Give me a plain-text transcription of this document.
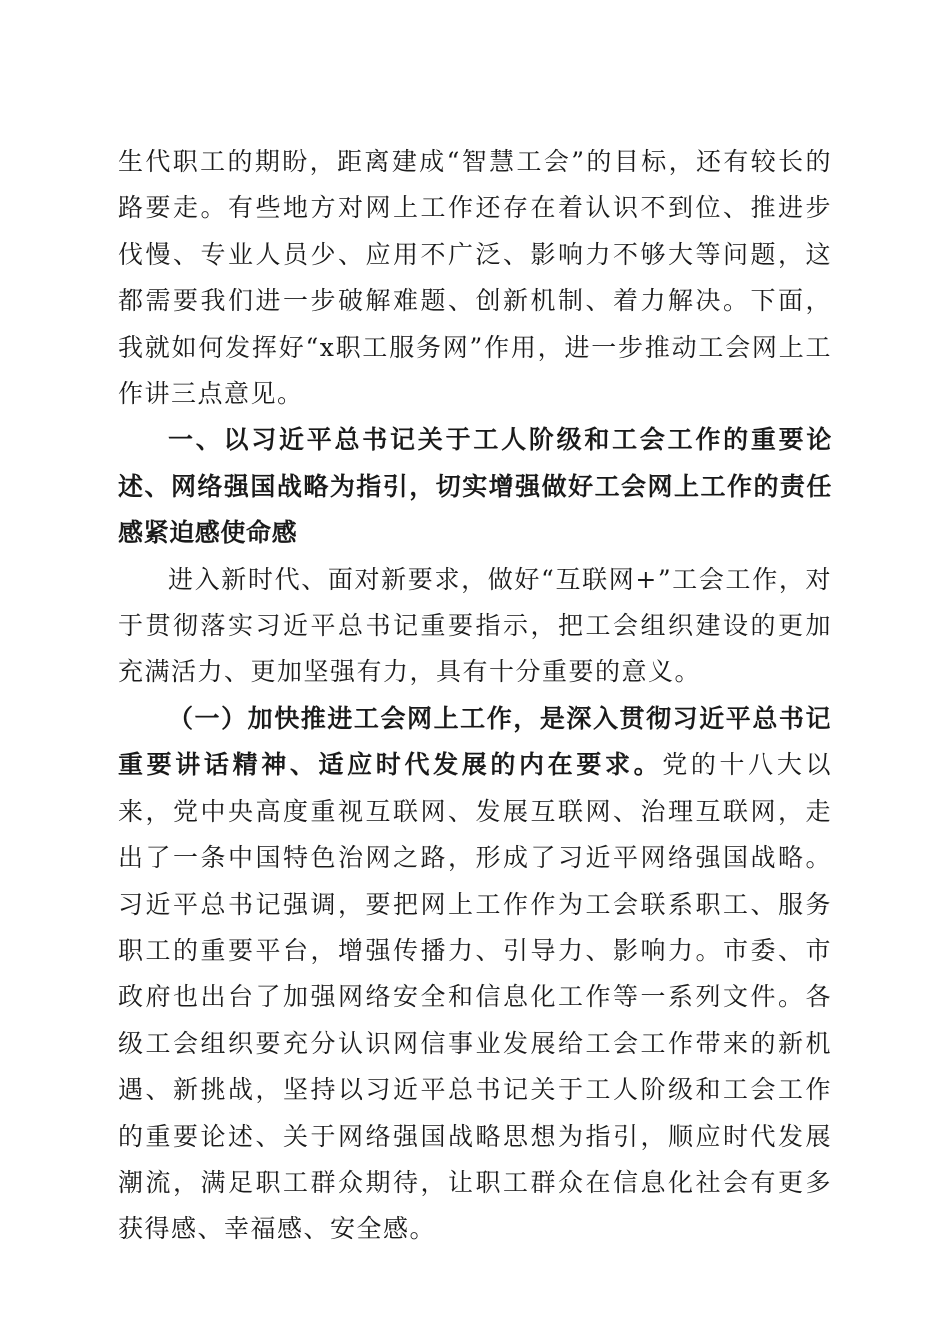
生代职工的期盼，距离建成“智慧工会”的目标，还有较长的路要走。有些地方对网上工作还存在着认识不到位、推进步伐慢、专业人员少、应用不广泛、影响力不够大等问题，这都需要我们进一步破解难题、创新机制、着力解决。下面，我就如何发挥好“x职工服务网”作用，进一步推动工会网上工作讲三点意见。

一、以习近平总书记关于工人阶级和工会工作的重要论述、网络强国战略为指引，切实增强做好工会网上工作的责任感紧迫感使命感

进入新时代、面对新要求，做好“互联网+”工会工作，对于贯彻落实习近平总书记重要指示，把工会组织建设的更加充满活力、更加坚强有力，具有十分重要的意义。

（一）加快推进工会网上工作，是深入贯彻习近平总书记重要讲话精神、适应时代发展的内在要求。党的十八大以来，党中央高度重视互联网、发展互联网、治理互联网，走出了一条中国特色治网之路，形成了习近平网络强国战略。习近平总书记强调，要把网上工作作为工会联系职工、服务职工的重要平台，增强传播力、引导力、影响力。市委、市政府也出台了加强网络安全和信息化工作等一系列文件。各级工会组织要充分认识网信事业发展给工会工作带来的新机遇、新挑战，坚持以习近平总书记关于工人阶级和工会工作的重要论述、关于网络强国战略思想为指引，顺应时代发展潮流，满足职工群众期待，让职工群众在信息化社会有更多获得感、幸福感、安全感。
